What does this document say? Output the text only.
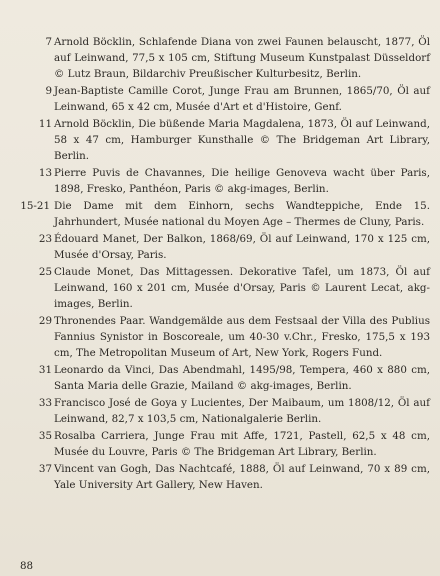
7 Arnold Böcklin, Schlafende Diana von zwei Faunen belauscht, 1877, Öl auf Leinwand, 77,5 x 105 cm, Stiftung Museum Kunstpalast Düsseldorf © Lutz Braun, Bildarchiv Preußischer Kulturbesitz, Berlin.
9 Jean-Baptiste Camille Corot, Junge Frau am Brunnen, 1865/70, Öl auf Leinwand, 65 x 42 cm, Musée d'Art et d'Histoire, Genf.
11 Arnold Böcklin, Die büßende Maria Magdalena, 1873, Öl auf Leinwand, 58 x 47 cm, Hamburger Kunsthalle © The Bridgeman Art Library, Berlin.
13 Pierre Puvis de Chavannes, Die heilige Genoveva wacht über Paris, 1898, Fresko, Panthéon, Paris © akg-images, Berlin.
15-21 Die Dame mit dem Einhorn, sechs Wandteppiche, Ende 15. Jahrhundert, Musée national du Moyen Age – Thermes de Cluny, Paris.
23 Édouard Manet, Der Balkon, 1868/69, Öl auf Leinwand, 170 x 125 cm, Musée d'Orsay, Paris.
25 Claude Monet, Das Mittagessen. Dekorative Tafel, um 1873, Öl auf Leinwand, 160 x 201 cm, Musée d'Orsay, Paris © Laurent Lecat, akg-images, Berlin.
29 Thronendes Paar. Wandgemälde aus dem Festsaal der Villa des Publius Fannius Synistor in Boscoreale, um 40-30 v.Chr., Fresko, 175,5 x 193 cm, The Metropolitan Museum of Art, New York, Rogers Fund.
31 Leonardo da Vinci, Das Abendmahl, 1495/98, Tempera, 460 x 880 cm, Santa Maria delle Grazie, Mailand © akg-images, Berlin.
33 Francisco José de Goya y Lucientes, Der Maibaum, um 1808/12, Öl auf Leinwand, 82,7 x 103,5 cm, Nationalgalerie Berlin.
35 Rosalba Carriera, Junge Frau mit Affe, 1721, Pastell, 62,5 x 48 cm, Musée du Louvre, Paris © The Bridgeman Art Library, Berlin.
37 Vincent van Gogh, Das Nachtcafé, 1888, Öl auf Leinwand, 70 x 89 cm, Yale University Art Gallery, New Haven.
88
